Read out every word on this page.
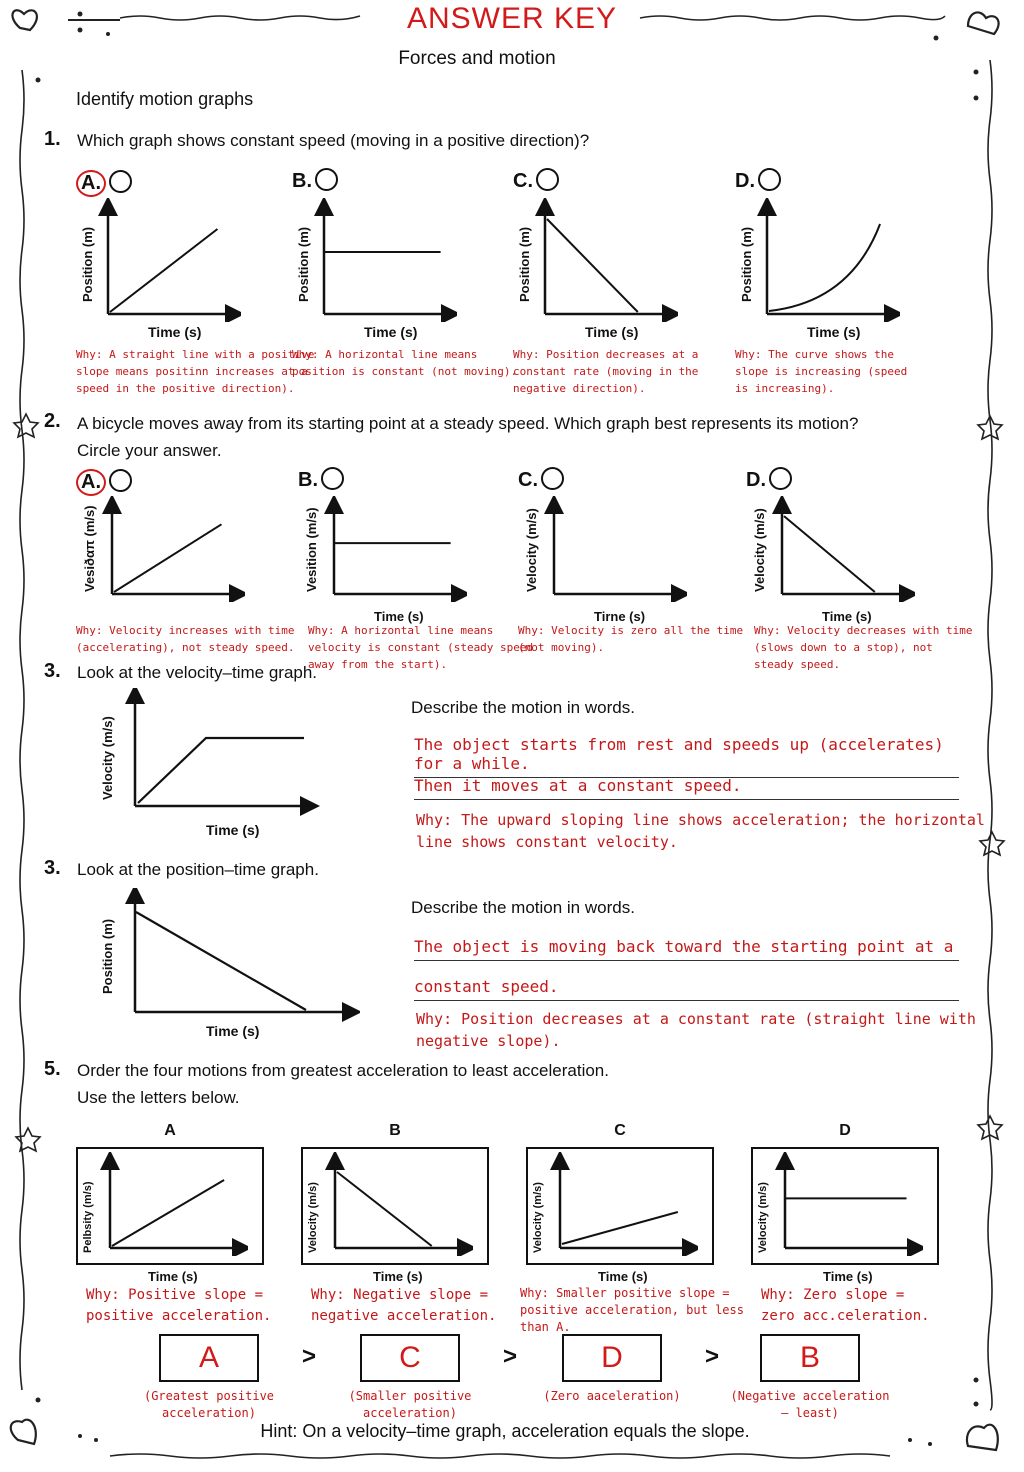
ANSWER KEY
Forces and motion
Identify motion graphs
1. Which graph shows constant speed (moving in a positive direction)?
A.
Position (m)
Time (s)
Why: A straight line with a positive
slope means positinn increases at a
speed in the positive direction).
B.
Position (m)
Time (s)
Why: A horizontal line means
position is constant (not moving).
C.
Position (m)
Time (s)
Why: Position decreases at a
constant rate (moving in the
negative direction).
D.
Position (m)
Time (s)
Why: The curve shows the
slope is increasing (speed
is increasing).
2. A bicycle moves away from its starting point at a steady speed. Which graph best represents its motion?
Circle your answer.
A.
Vesiðαπ (m/s)
Why: Velocity increases with time
(accelerating), not steady speed.
B.
Vesition (m/s)
Time (s)
Why: A horizontal line means
velocity is constant (steady speed
away from the start).
C.
Velocity (m/s)
Tirne (s)
Why: Velocity is zero all the time
(not moving).
D.
Velocity (m/s)
Time (s)
Why: Velocity decreases with time
(slows down to a stop), not
steady speed.
3. Look at the velocity–time graph.
Velocity (m/s)
Time (s)
Describe the motion in words.
The object starts from rest and speeds up (accelerates) for a while.
Then it moves at a constant speed.
Why: The upward sloping line shows acceleration; the horizontal
line shows constant velocity.
3. Look at the position–time graph.
Position (m)
Time (s)
Describe the motion in words.
The object is moving back toward the starting point at a
constant speed.
Why: Position decreases at a constant rate (straight line with
negative slope).
5. Order the four motions from greatest acceleration to least acceleration.
Use the letters below.
A
Pelbsity (m/s)
Time (s)
Why: Positive slope =
positive acceleration.
B
Velocity (m/s)
Time (s)
Why: Negative slope =
negative acceleration.
C
Velocity (m/s)
Time (s)
Why: Smaller positive slope =
positive acceleration, but less
than A.
D
Velocity (m/s)
Time (s)
Why: Zero slope =
zero acc.celeration.
A
(Greatest positive
acceleration)
>	C
(Smaller positive
acceleration)
>	D
(Zero aaceleration)
>	B
(Negative acceleration
— least)
Hint: On a velocity–time graph, acceleration equals the slope.
